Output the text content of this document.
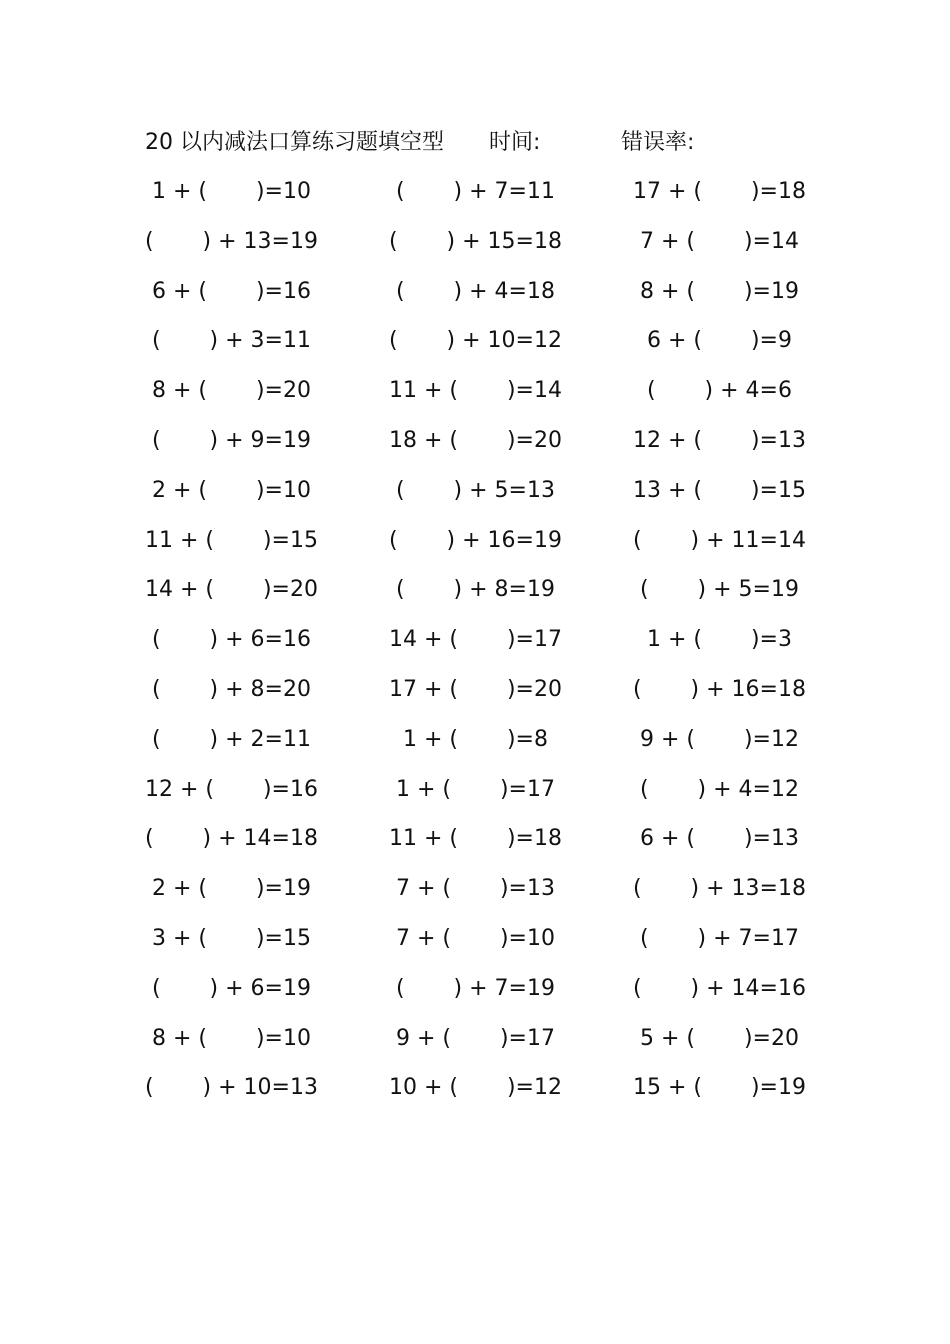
20 以内减法口算练习题填空型 时间:	错误率:
1 + (       )=10
(       ) + 13=19
6 + (       )=16
(       ) + 3=11
8 + (       )=20
(       ) + 9=19
2 + (       )=10
11 + (       )=15
14 + (       )=20
(       ) + 6=16
(       ) + 8=20
(       ) + 2=11
12 + (       )=16
(       ) + 14=18
2 + (       )=19
3 + (       )=15
(       ) + 6=19
8 + (       )=10
(       ) + 10=13
(       ) + 7=11
(       ) + 15=18
(       ) + 4=18
(       ) + 10=12
11 + (       )=14
18 + (       )=20
(       ) + 5=13
(       ) + 16=19
(       ) + 8=19
14 + (       )=17
17 + (       )=20
1 + (       )=8
1 + (       )=17
11 + (       )=18
7 + (       )=13
7 + (       )=10
(       ) + 7=19
9 + (       )=17
10 + (       )=12
17 + (       )=18
7 + (       )=14
8 + (       )=19
6 + (       )=9
(       ) + 4=6
12 + (       )=13
13 + (       )=15
(       ) + 11=14
(       ) + 5=19
1 + (       )=3
(       ) + 16=18
9 + (       )=12
(       ) + 4=12
6 + (       )=13
(       ) + 13=18
(       ) + 7=17
(       ) + 14=16
5 + (       )=20
15 + (       )=19
